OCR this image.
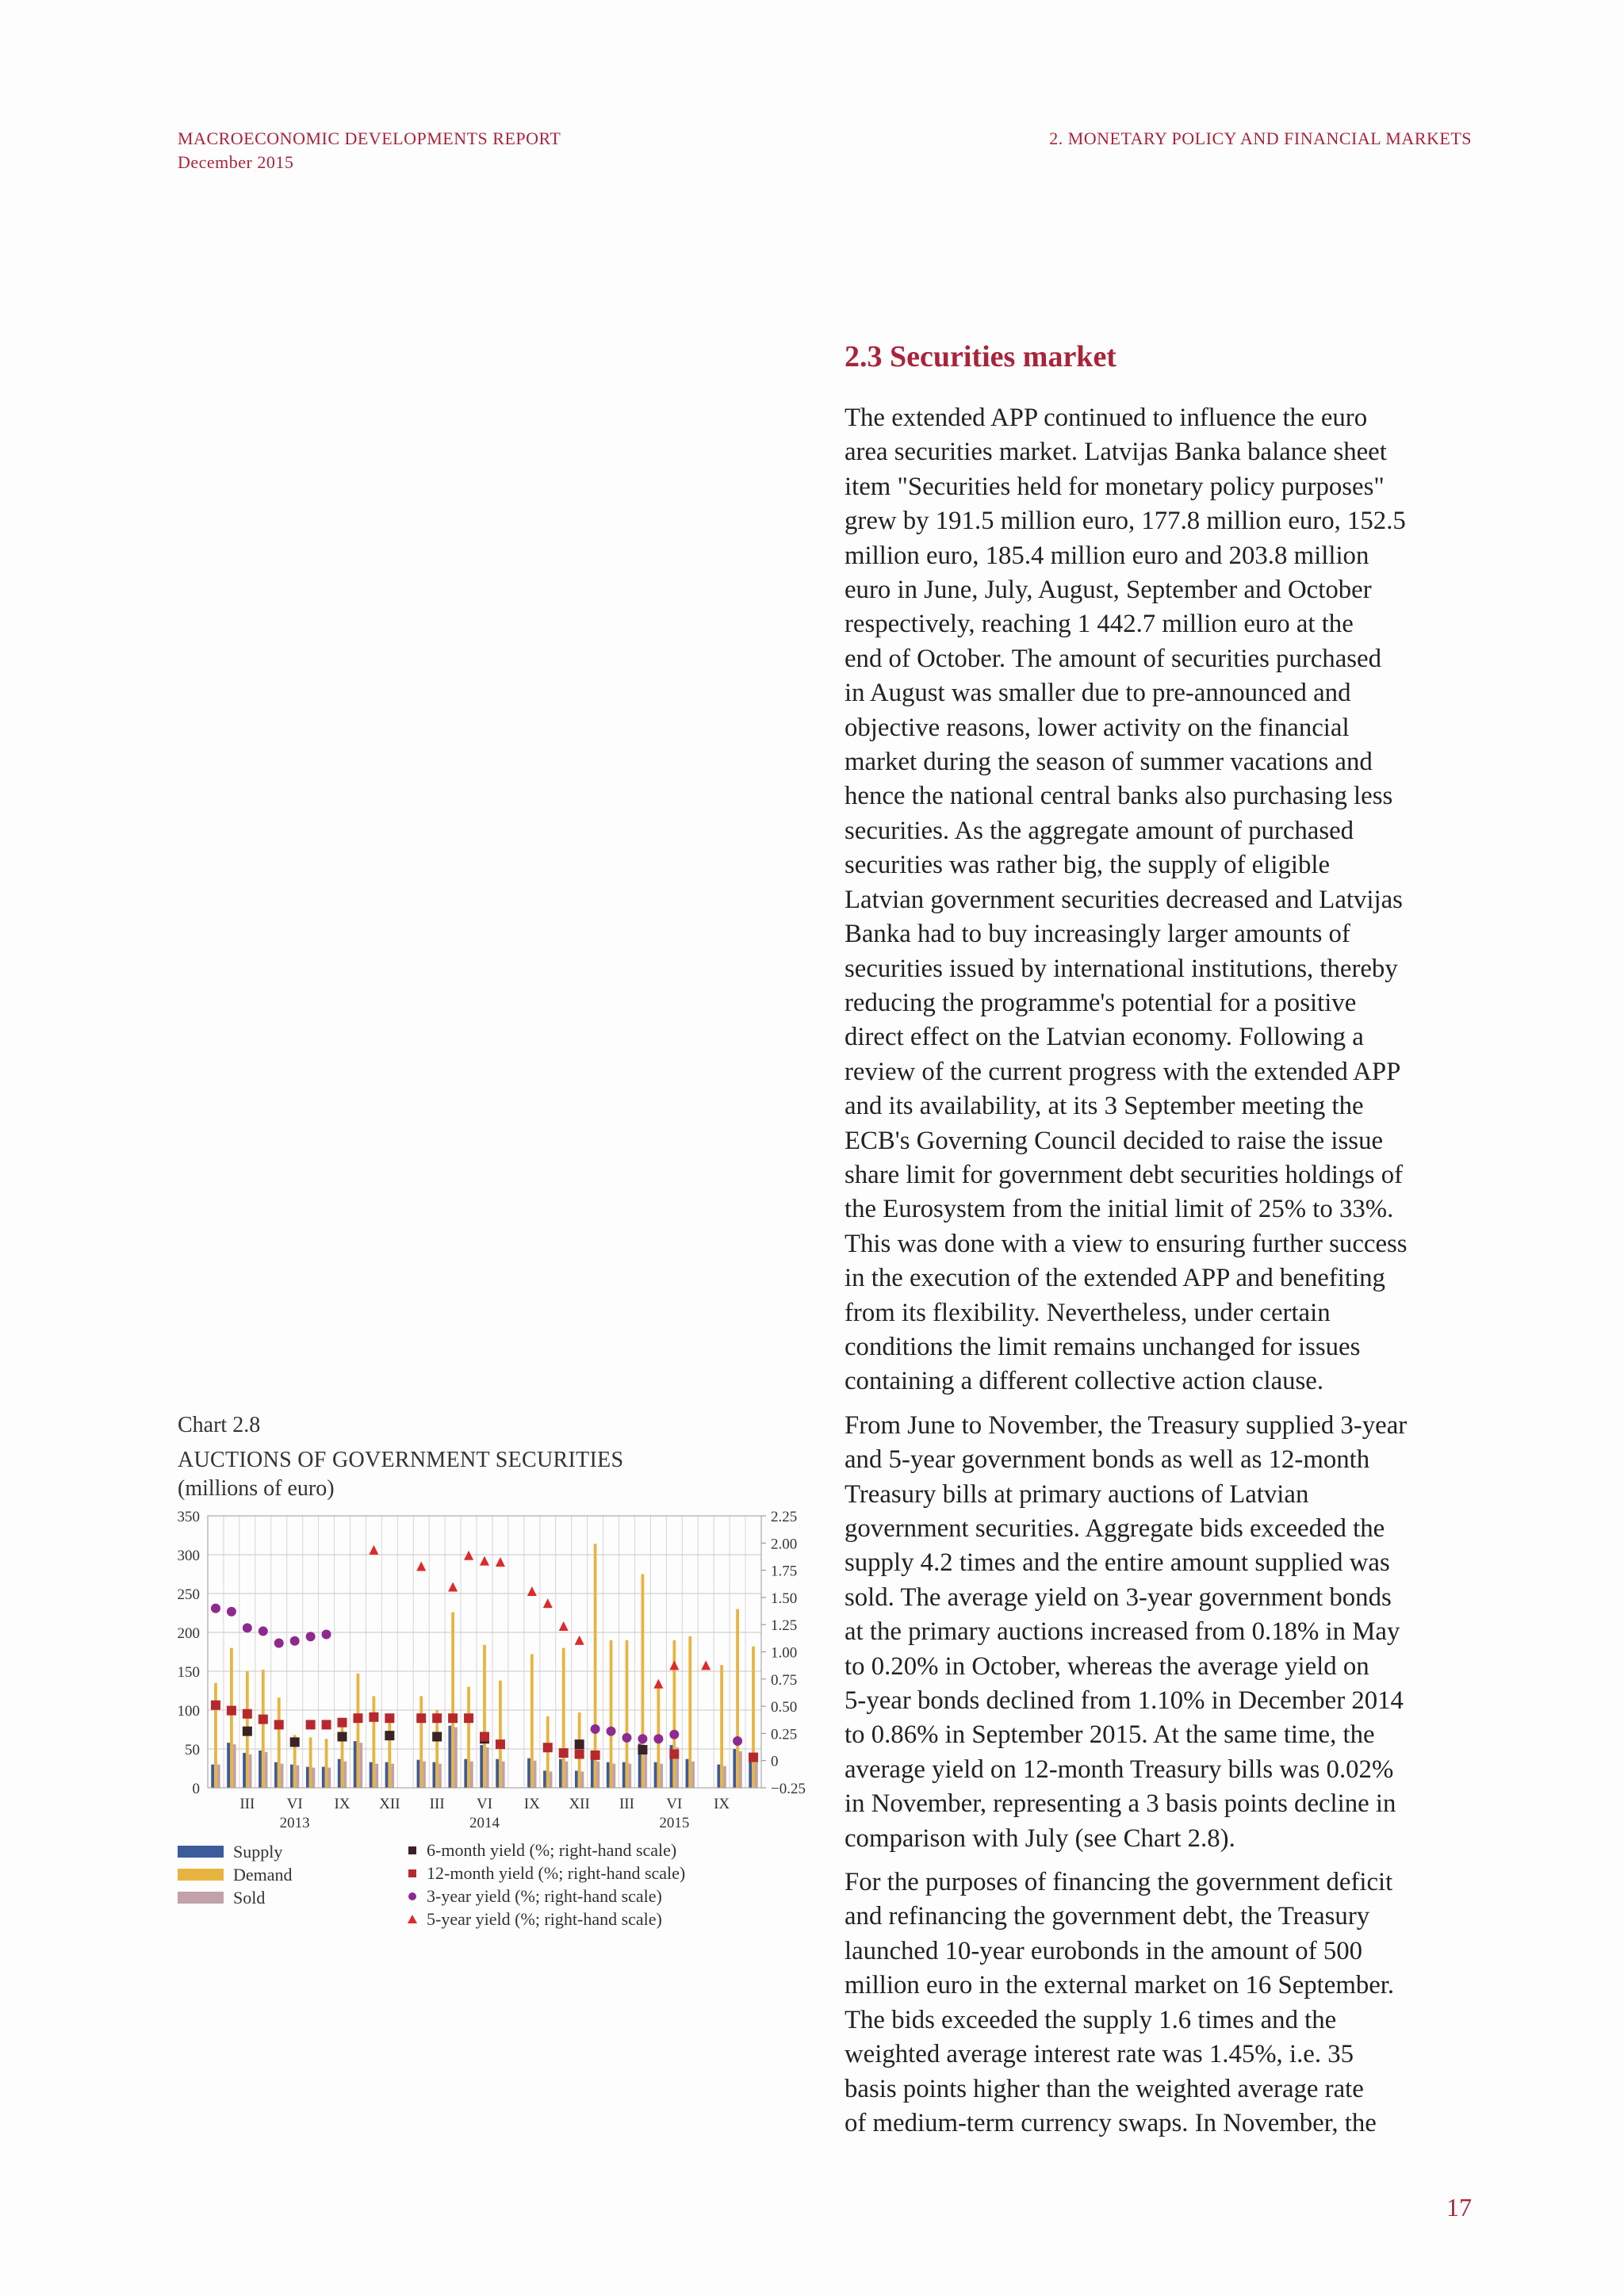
MACROECONOMIC DEVELOPMENTS REPORT
December 2015
2. MONETARY POLICY AND FINANCIAL MARKETS
2.3 Securities market

The extended APP continued to influence the euro
area securities market. Latvijas Banka balance sheet
item "Securities held for monetary policy purposes"
grew by 191.5 million euro, 177.8 million euro, 152.5
million euro, 185.4 million euro and 203.8 million
euro in June, July, August, September and October
respectively, reaching 1 442.7 million euro at the
end of October. The amount of securities purchased
in August was smaller due to pre-announced and
objective reasons, lower activity on the financial
market during the season of summer vacations and
hence the national central banks also purchasing less
securities. As the aggregate amount of purchased
securities was rather big, the supply of eligible
Latvian government securities decreased and Latvijas
Banka had to buy increasingly larger amounts of
securities issued by international institutions, thereby
reducing the programme's potential for a positive
direct effect on the Latvian economy. Following a
review of the current progress with the extended APP
and its availability, at its 3 September meeting the
ECB's Governing Council decided to raise the issue
share limit for government debt securities holdings of
the Eurosystem from the initial limit of 25% to 33%.
This was done with a view to ensuring further success
in the execution of the extended APP and benefiting
from its flexibility. Nevertheless, under certain
conditions the limit remains unchanged for issues
containing a different collective action clause.

From June to November, the Treasury supplied 3-year
and 5-year government bonds as well as 12-month
Treasury bills at primary auctions of Latvian
government securities. Aggregate bids exceeded the
supply 4.2 times and the entire amount supplied was
sold. The average yield on 3-year government bonds
at the primary auctions increased from 0.18% in May
to 0.20% in October, whereas the average yield on
5-year bonds declined from 1.10% in December 2014
to 0.86% in September 2015. At the same time, the
average yield on 12-month Treasury bills was 0.02%
in November, representing a 3 basis points decline in
comparison with July (see Chart 2.8).

For the purposes of financing the government deficit
and refinancing the government debt, the Treasury
launched 10-year eurobonds in the amount of 500
million euro in the external market on 16 September.
The bids exceeded the supply 1.6 times and the
weighted average interest rate was 1.45%, i.e. 35
basis points higher than the weighted average rate
of medium-term currency swaps. In November, the

Chart 2.8
AUCTIONS OF GOVERNMENT SECURITIES
(millions of euro)
0
50
100
150
200
250
300
350
−0.25
0
0.25
0.50
0.75
1.00
1.25
1.50
1.75
2.00
2.25
III VI IX XII III VI IX XII III VI IX
2013	2014	2015
Supply
Demand
Sold
6-month yield (%; right-hand scale)
12-month yield (%; right-hand scale)
3-year yield (%; right-hand scale)
5-year yield (%; right-hand scale)
17
